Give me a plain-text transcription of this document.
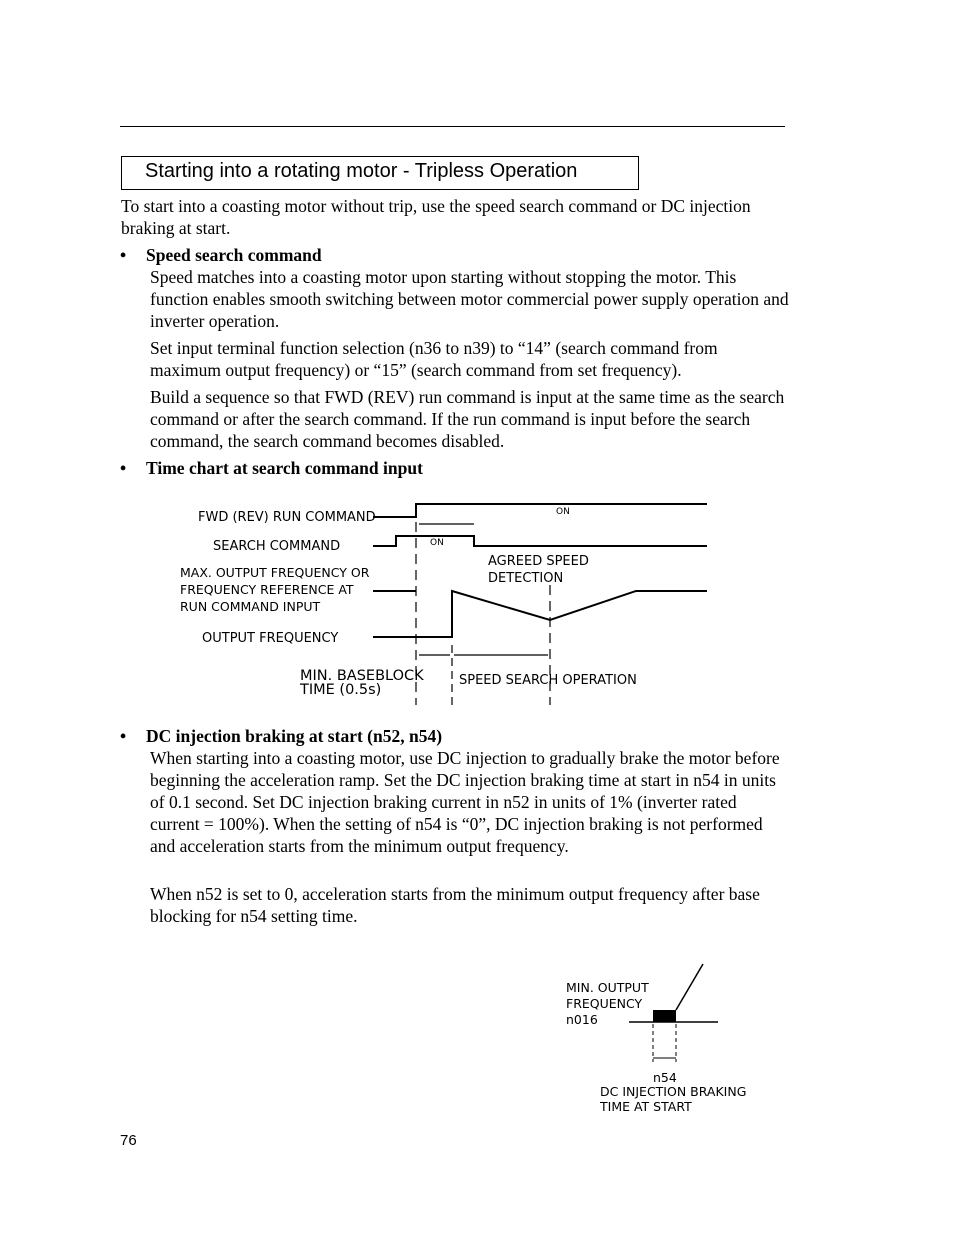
Starting into a rotating motor - Tripless Operation

To start into a coasting motor without trip, use the speed search command or DC injection braking at start.

• Speed search command

Speed matches into a coasting motor upon starting without stopping the motor. This function enables smooth switching between motor commercial power supply operation and inverter operation.

Set input terminal function selection (n36 to n39) to “14” (search command from maximum output frequency) or “15” (search command from set frequency).

Build a sequence so that FWD (REV) run command is input at the same time as the search command or after the search command. If the run command is input before the search command, the search command becomes disabled.

• Time chart at search command input
FWD (REV) RUN COMMAND
SEARCH COMMAND
MAX. OUTPUT FREQUENCY OR
FREQUENCY REFERENCE AT
RUN COMMAND INPUT
OUTPUT FREQUENCY
ON
ON
AGREED SPEED
DETECTION
MIN. BASEBLOCK
TIME (0.5s)
SPEED SEARCH OPERATION
• DC injection braking at start (n52, n54)

When starting into a coasting motor, use DC injection to gradually brake the motor before beginning the acceleration ramp. Set the DC injection braking time at start in n54 in units of 0.1 second. Set DC injection braking current in n52 in units of 1% (inverter rated current = 100%). When the setting of n54 is “0”, DC injection braking is not performed and acceleration starts from the minimum output frequency.

When n52 is set to 0, acceleration starts from the minimum output frequency after base blocking for n54 setting time.

MIN. OUTPUT
FREQUENCY
n016
n54
DC INJECTION BRAKING
TIME AT START
76
